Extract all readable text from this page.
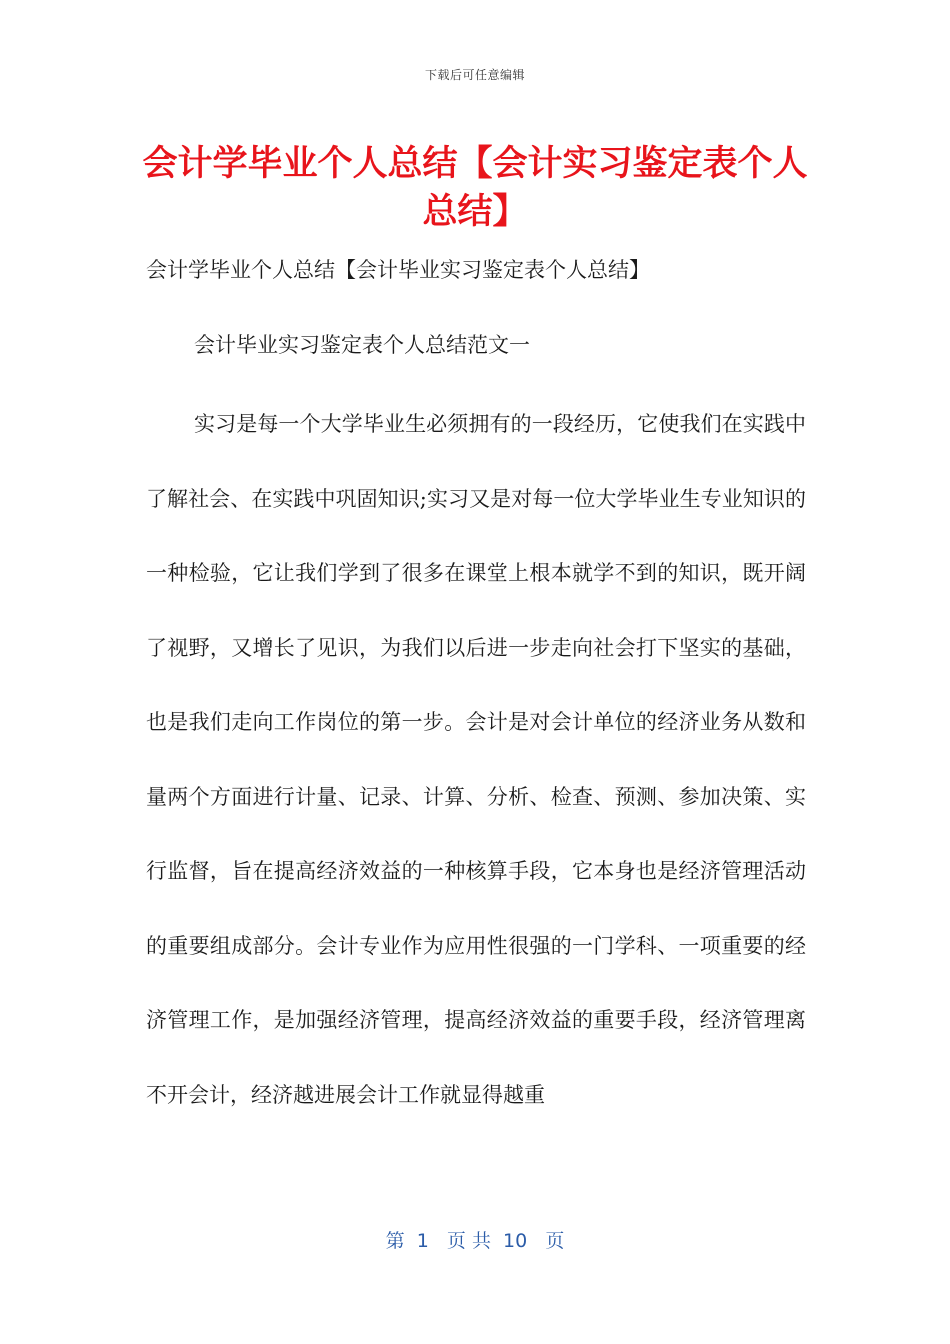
下载后可任意编辑
会计学毕业个人总结【会计实习鉴定表个人总结】

会计学毕业个人总结【会计毕业实习鉴定表个人总结】

会计毕业实习鉴定表个人总结范文一

实习是每一个大学毕业生必须拥有的一段经历，它使我们在实践中了解社会、在实践中巩固知识;实习又是对每一位大学毕业生专业知识的一种检验，它让我们学到了很多在课堂上根本就学不到的知识，既开阔了视野，又增长了见识，为我们以后进一步走向社会打下坚实的基础，也是我们走向工作岗位的第一步。会计是对会计单位的经济业务从数和量两个方面进行计量、记录、计算、分析、检查、预测、参加决策、实行监督，旨在提高经济效益的一种核算手段，它本身也是经济管理活动的重要组成部分。会计专业作为应用性很强的一门学科、一项重要的经济管理工作，是加强经济管理，提高经济效益的重要手段，经济管理离不开会计，经济越进展会计工作就显得越重

第  1   页 共  10   页
